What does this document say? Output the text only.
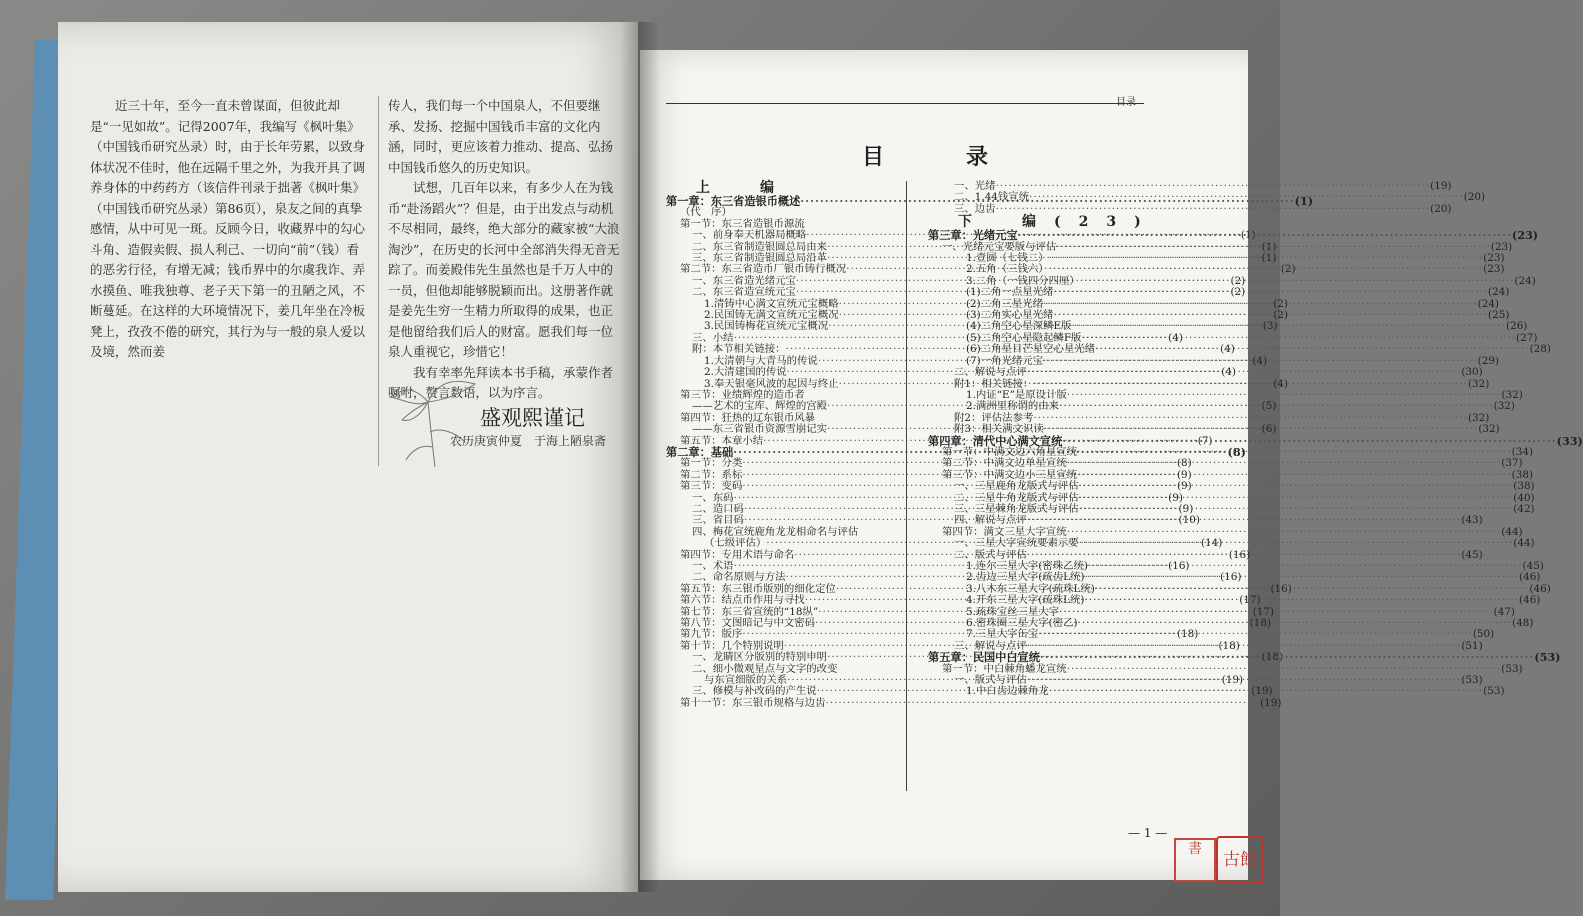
近三十年，至今一直未曾谋面，但彼此却是“一见如故”。记得2007年，我编写《枫叶集》（中国钱币研究丛录）时，由于长年劳累，以致身体状况不佳时，他在远隔千里之外，为我开具了调养身体的中药药方（该信件刊录于拙著《枫叶集》（中国钱币研究丛录）第86页），泉友之间的真挚感情，从中可见一斑。反顾今日，收藏界中的勾心斗角、造假卖假、损人利己、一切向“前”（钱）看的恶劣行径，有增无减；钱币界中的尔虞我诈、弄水摸鱼、唯我独尊、老子天下第一的丑陋之风，不断蔓延。在这样的大环境情况下，姜几年坐在冷板凳上，孜孜不倦的研究，其行为与一般的泉人爱以及境，然而姜

传人，我们每一个中国泉人，不但要继承、发扬、挖掘中国钱币丰富的文化内涵，同时，更应该着力推动、提高、弘扬中国钱币悠久的历史知识。

试想，几百年以来，有多少人在为钱币“赴汤蹈火”？但是，由于出发点与动机不尽相同，最终，绝大部分的藏家被“大浪淘沙”，在历史的长河中全部消失得无音无踪了。而姜殿伟先生虽然也是千万人中的一员，但他却能够脱颖而出。这册著作就是姜先生穷一生精力所取得的成果，也正是他留给我们后人的财富。愿我们每一位泉人重视它，珍惜它！

我有幸率先拜读本书手稿，承蒙作者嘱咐，赘言数语，以为序言。

盛观熙谨记
农历庚寅仲夏　于海上陋泉斋
目　录
上　编
第一章：东三省造银币概述 ·····	(1)
（代　序）
第一节：东三省造银币源流
一、前身奉天机器局概略 ·····	(1)
二、东三省制造银圆总局由来 ·····	(1)
三、东三省制造银圆总局沿革 ·····	(1)
第二节：东三省造币厂银币铸行概况 ·····	(2)
一、东三省造光绪元宝 ·····	(2)
二、东三省造宣统元宝 ·····	(2)
1.清铸中心满文宣统元宝概略 ·····	(2)
2.民国铸无满文宣统元宝概况 ·····	(2)
3.民国铸梅花宣统元宝概况 ·····	(3)
三、小结 ·····	(4)
附：本节相关链接： ·····	(4)
1.大清朝与大青马的传说 ·····	(4)
2.大清建国的传说 ·····	(4)
3.奉天银毫风波的起因与终止 ·····	(4)
第三节：业绩辉煌的造币者
——艺术的宝库、辉煌的宫殿 ·····	(5)
第四节：狂热的辽东银币风暴
——东三省银币资源雪崩记实 ·····	(6)
第五节：本章小结 ·····	(7)
第二章：基础 ·····	(8)
第一节：分类 ·····	(8)
第二节：系标 ·····	(9)
第三节：变码 ·····	(9)
一、东码 ·····	(9)
二、造口码 ·····	(9)
三、省目码 ·····	(10)
四、梅花宣统鹿角龙龙相命名与评估
（七级评估） ·····	(14)
第四节：专用术语与命名 ·····	(16)
一、术语 ·····	(16)
二、命名原则与方法 ·····	(16)
第五节：东三银币版别的细化定位 ·····	(16)
第六节：结点币作用与寻找 ·····	(17)
第七节：东三省宣统的“18纵” ·····	(17)
第八节：文图暗记与中文密码 ·····	(18)
第九节：版序 ·····	(18)
第十节：几个特别说明 ·····	(18)
一、龙睛区分版别的特别申明 ·····	(18)
二、细小微观星点与文字的改变
与东宣细版的关系 ·····	(19)
三、修模与补改码的产生说 ·····	(19)
第十一节：东三银币规格与边齿 ·····	(19)
一、光绪 ·····	(19)
二、1.44钱宣统 ·····	(20)
三、边齿 ·····	(20)
下　编 (23)
第三章：光绪元宝 ·····	(23)
一、光绪元宝要版与评估 ·····	(23)
1.壹圆（七钱二） ·····	(23)
2.五角（三钱六） ·····	(23)
3.二角（一钱四分四厘） ·····	(24)
(1)二角一点星光绪 ·····	(24)
(2)二角三星光绪 ·····	(24)
(3)二角实心星光绪 ·····	(25)
(4)二角空心星深鳞E版 ·····	(26)
(5)二角空心星隐起鳞F版 ·····	(27)
(6)二角星目芒星空心星光绪 ·····	(28)
(7)一角光绪元宝 ·····	(29)
二、解说与点评 ·····	(30)
附1：相关链接： ·····	(32)
1.内证“E”是原设计版 ·····	(32)
2.满洲里称谓的由来 ·····	(32)
附2：评估法参考 ·····	(32)
附3：相关满文识读 ·····	(32)
第四章：清代中心满文宣统 ·····	(33)
第一节：中满文边六角星宣统 ·····	(34)
第二节：中满文边单星宣统 ·····	(37)
第三节：中满文边小三星宣统 ·····	(38)
一、三星鹿角龙版式与评估 ·····	(38)
二、三星牛角龙版式与评估 ·····	(40)
三、三星棘角龙版式与评估 ·····	(42)
四、解说与点评 ·····	(43)
第四节：满文三星大字宣统 ·····	(44)
一、三星大字宣统要素示要 ·····	(44)
二、版式与评估 ·····	(45)
1.连尔三星大字(密珠乙统) ·····	(45)
2.齿边三星大字(疏齿L统) ·····	(46)
3.八木东三星大字(疏珠L统) ·····	(46)
4.开东三星大字(疏珠L统) ·····	(46)
5.疏珠宝丝三星大字 ·····	(47)
6.密珠圈三星大字(密乙) ·····	(48)
7.三星大字缶宝 ·····	(50)
三、解说与点评 ·····	(51)
第五章：民国中白宣统 ·····	(53)
第一节：中白棘角蟠龙宣统 ·····	(53)
一、版式与评估 ·····	(53)
1.中白齿边棘角龙 ·····	(53)
— 1 —
書
古 館
